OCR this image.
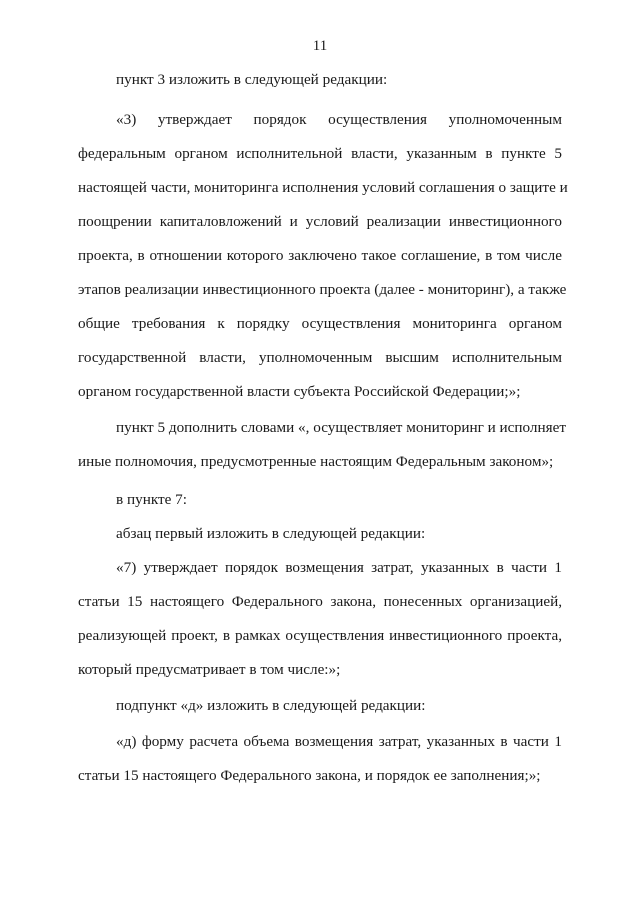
11

пункт 3 изложить в следующей редакции:

«3) утверждает порядок осуществления уполномоченным
федеральным органом исполнительной власти, указанным в пункте 5
настоящей части, мониторинга исполнения условий соглашения о защите и
поощрении капиталовложений и условий реализации инвестиционного
проекта, в отношении которого заключено такое соглашение, в том числе
этапов реализации инвестиционного проекта (далее - мониторинг), а также
общие требования к порядку осуществления мониторинга органом
государственной власти, уполномоченным высшим исполнительным
органом государственной власти субъекта Российской Федерации;»;

пункт 5 дополнить словами «, осуществляет мониторинг и исполняет
иные полномочия, предусмотренные настоящим Федеральным законом»;

в пункте 7:

абзац первый изложить в следующей редакции:

«7) утверждает порядок возмещения затрат, указанных в части 1
статьи 15 настоящего Федерального закона, понесенных организацией,
реализующей проект, в рамках осуществления инвестиционного проекта,
который предусматривает в том числе:»;

подпункт «д» изложить в следующей редакции:

«д) форму расчета объема возмещения затрат, указанных в части 1
статьи 15 настоящего Федерального закона, и порядок ее заполнения;»;
